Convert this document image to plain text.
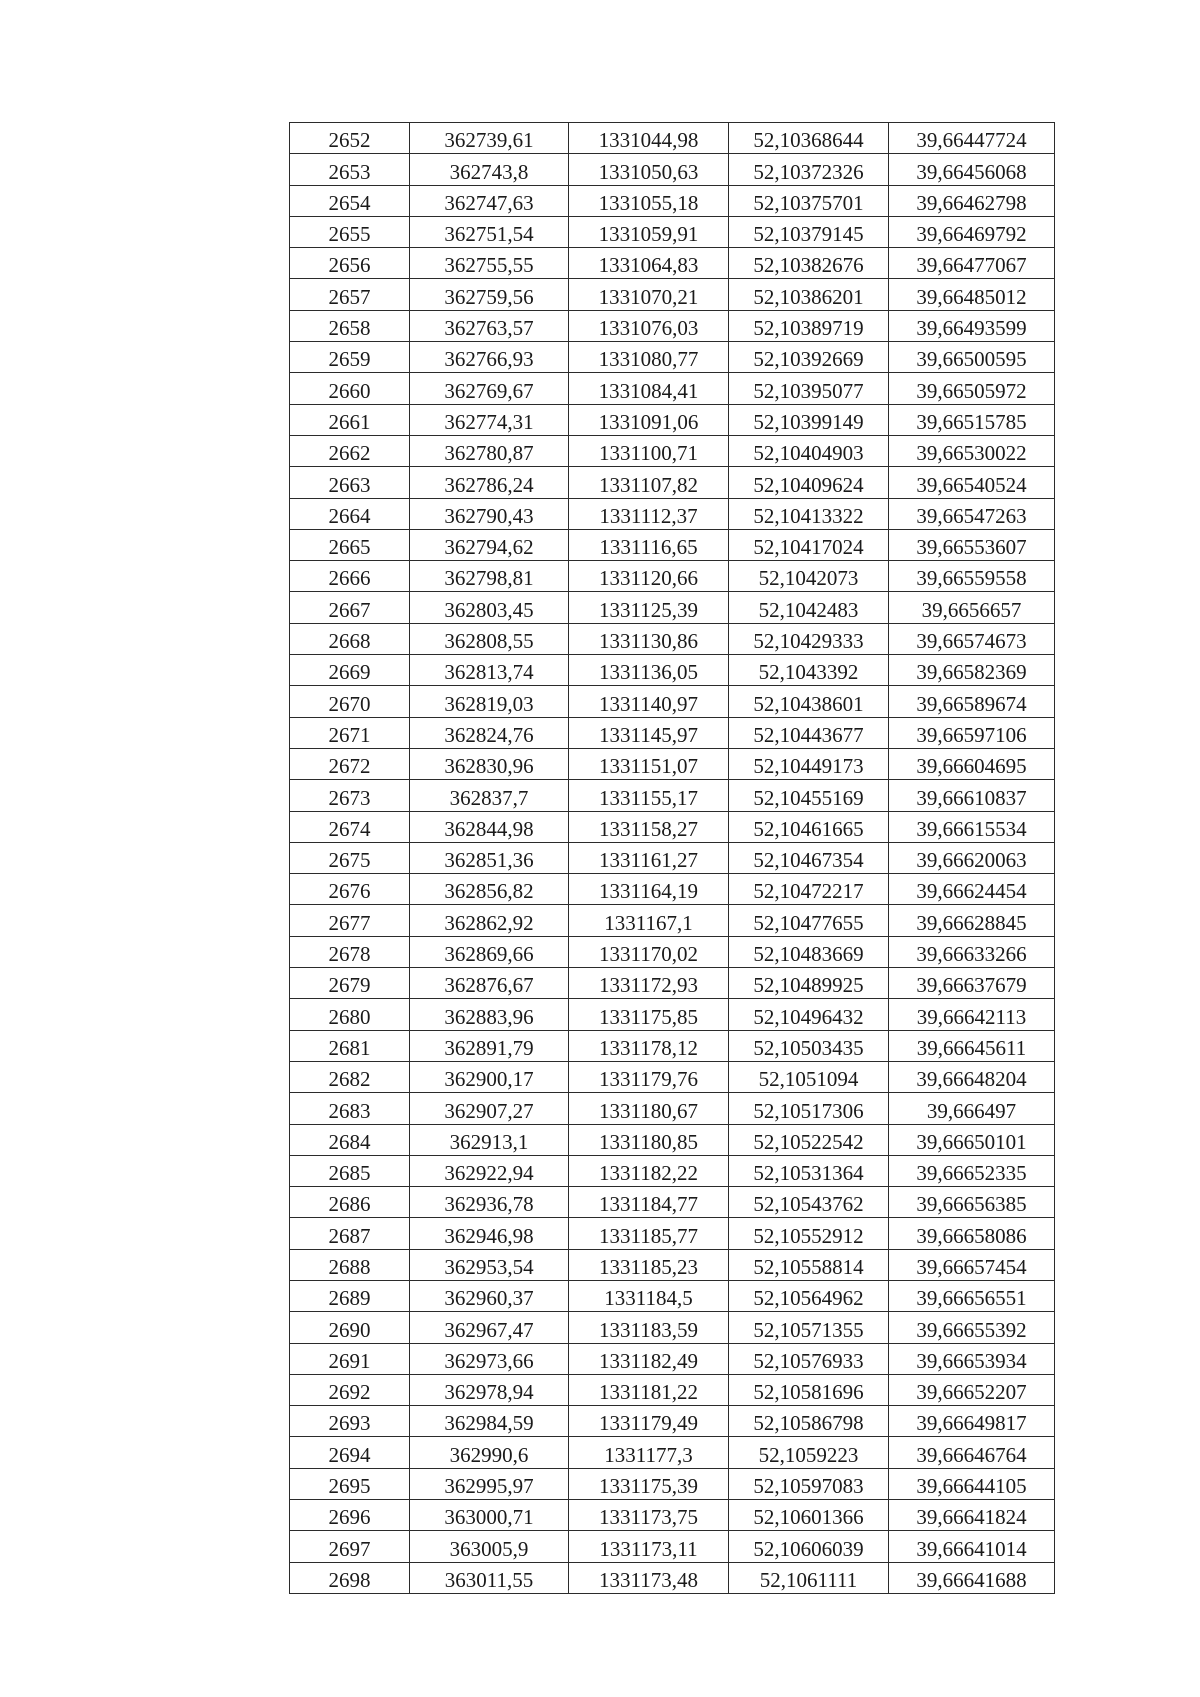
2652	362739,61	1331044,98	52,10368644	39,66447724
2653	362743,8	1331050,63	52,10372326	39,66456068
2654	362747,63	1331055,18	52,10375701	39,66462798
2655	362751,54	1331059,91	52,10379145	39,66469792
2656	362755,55	1331064,83	52,10382676	39,66477067
2657	362759,56	1331070,21	52,10386201	39,66485012
2658	362763,57	1331076,03	52,10389719	39,66493599
2659	362766,93	1331080,77	52,10392669	39,66500595
2660	362769,67	1331084,41	52,10395077	39,66505972
2661	362774,31	1331091,06	52,10399149	39,66515785
2662	362780,87	1331100,71	52,10404903	39,66530022
2663	362786,24	1331107,82	52,10409624	39,66540524
2664	362790,43	1331112,37	52,10413322	39,66547263
2665	362794,62	1331116,65	52,10417024	39,66553607
2666	362798,81	1331120,66	52,1042073	39,66559558
2667	362803,45	1331125,39	52,1042483	39,6656657
2668	362808,55	1331130,86	52,10429333	39,66574673
2669	362813,74	1331136,05	52,1043392	39,66582369
2670	362819,03	1331140,97	52,10438601	39,66589674
2671	362824,76	1331145,97	52,10443677	39,66597106
2672	362830,96	1331151,07	52,10449173	39,66604695
2673	362837,7	1331155,17	52,10455169	39,66610837
2674	362844,98	1331158,27	52,10461665	39,66615534
2675	362851,36	1331161,27	52,10467354	39,66620063
2676	362856,82	1331164,19	52,10472217	39,66624454
2677	362862,92	1331167,1	52,10477655	39,66628845
2678	362869,66	1331170,02	52,10483669	39,66633266
2679	362876,67	1331172,93	52,10489925	39,66637679
2680	362883,96	1331175,85	52,10496432	39,66642113
2681	362891,79	1331178,12	52,10503435	39,66645611
2682	362900,17	1331179,76	52,1051094	39,66648204
2683	362907,27	1331180,67	52,10517306	39,666497
2684	362913,1	1331180,85	52,10522542	39,66650101
2685	362922,94	1331182,22	52,10531364	39,66652335
2686	362936,78	1331184,77	52,10543762	39,66656385
2687	362946,98	1331185,77	52,10552912	39,66658086
2688	362953,54	1331185,23	52,10558814	39,66657454
2689	362960,37	1331184,5	52,10564962	39,66656551
2690	362967,47	1331183,59	52,10571355	39,66655392
2691	362973,66	1331182,49	52,10576933	39,66653934
2692	362978,94	1331181,22	52,10581696	39,66652207
2693	362984,59	1331179,49	52,10586798	39,66649817
2694	362990,6	1331177,3	52,1059223	39,66646764
2695	362995,97	1331175,39	52,10597083	39,66644105
2696	363000,71	1331173,75	52,10601366	39,66641824
2697	363005,9	1331173,11	52,10606039	39,66641014
2698	363011,55	1331173,48	52,1061111	39,66641688
